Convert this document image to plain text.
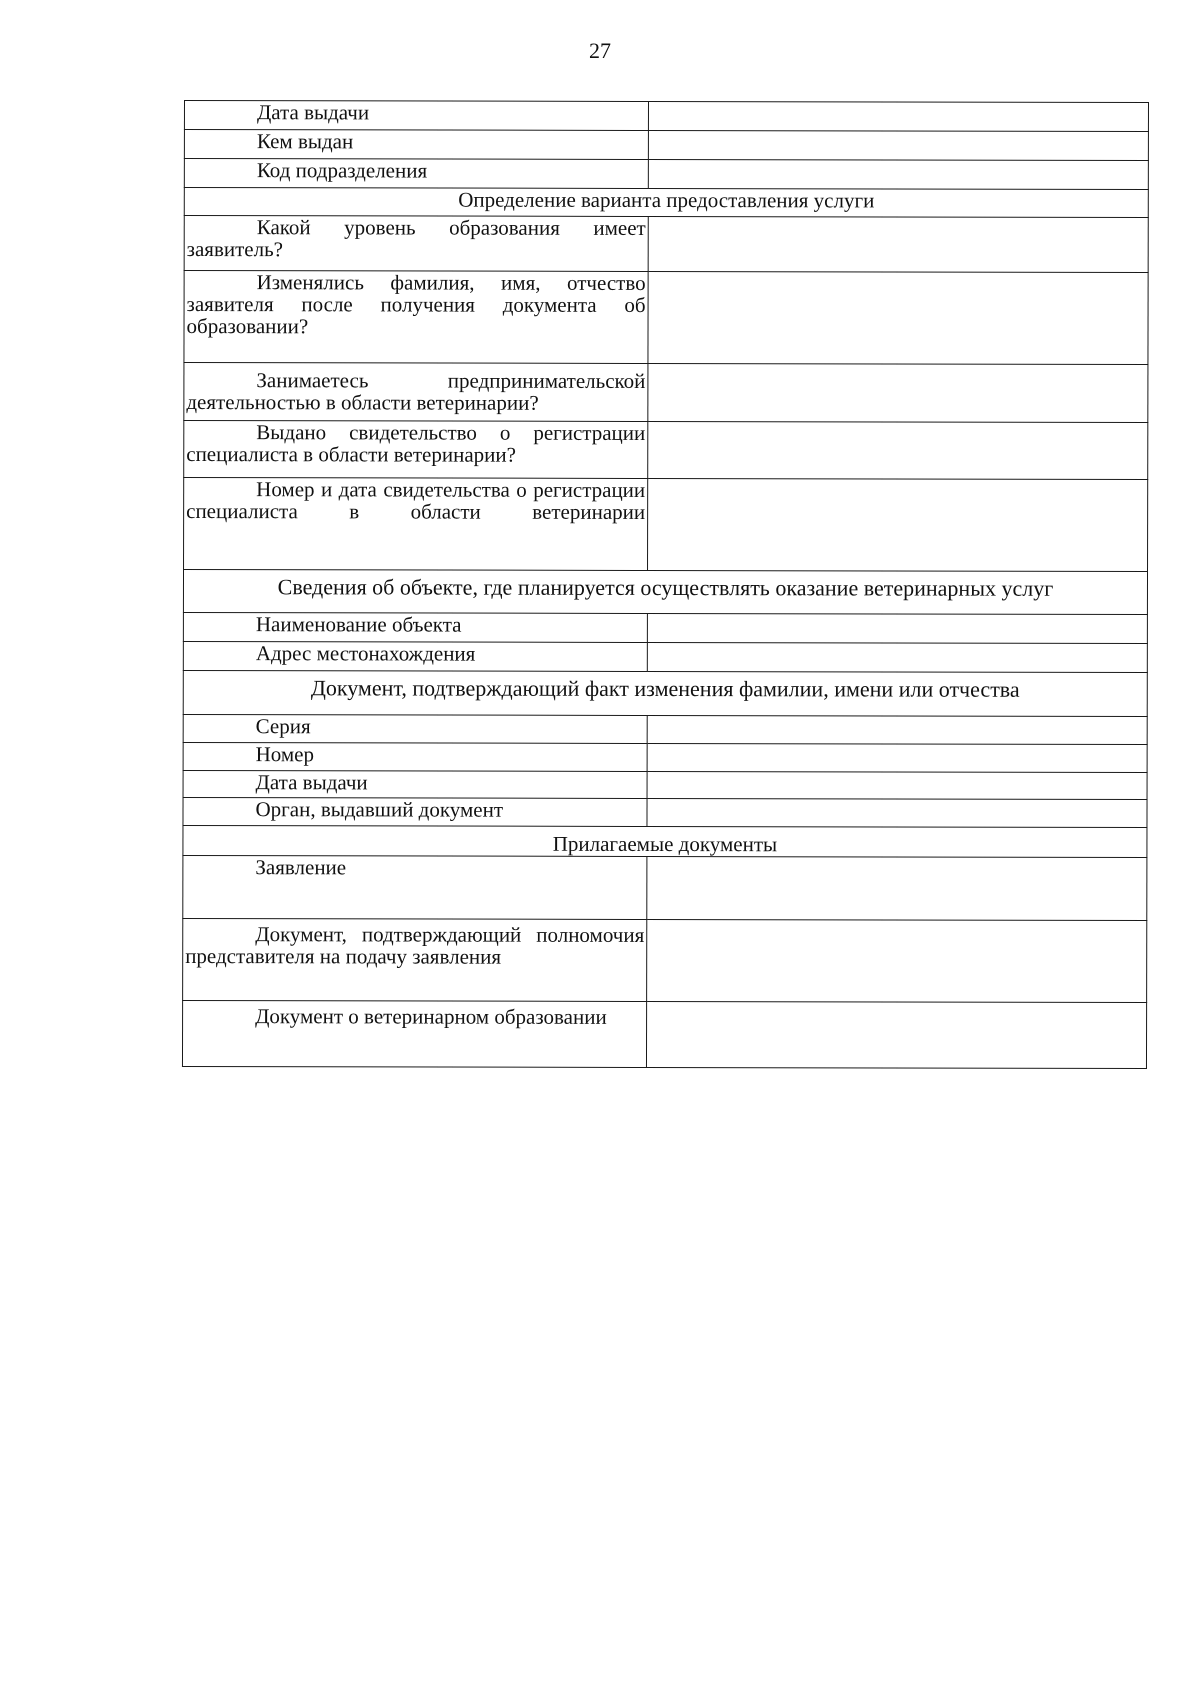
27
Дата выдачи	
Кем выдан	
Код подразделения	
Определение варианта предоставления услуги	
Какой уровень образования имеет заявитель?	
Изменялись фамилия, имя, отчество заявителя после получения документа об образовании?	
Занимаетесь предпринимательской деятельностью в области ветеринарии?	
Выдано свидетельство о регистрации специалиста в области ветеринарии?	
Номер и дата свидетельства о регистрации специалиста в области ветеринарии	
Сведения об объекте, где планируется осуществлять оказание ветеринарных услуг	
Наименование объекта	
Адрес местонахождения	
Документ, подтверждающий факт изменения фамилии, имени или отчества	
Серия	
Номер	
Дата выдачи	
Орган, выдавший документ	
Прилагаемые документы	
Заявление	
Документ, подтверждающий полномочия представителя на подачу заявления	
Документ о ветеринарном образовании	
